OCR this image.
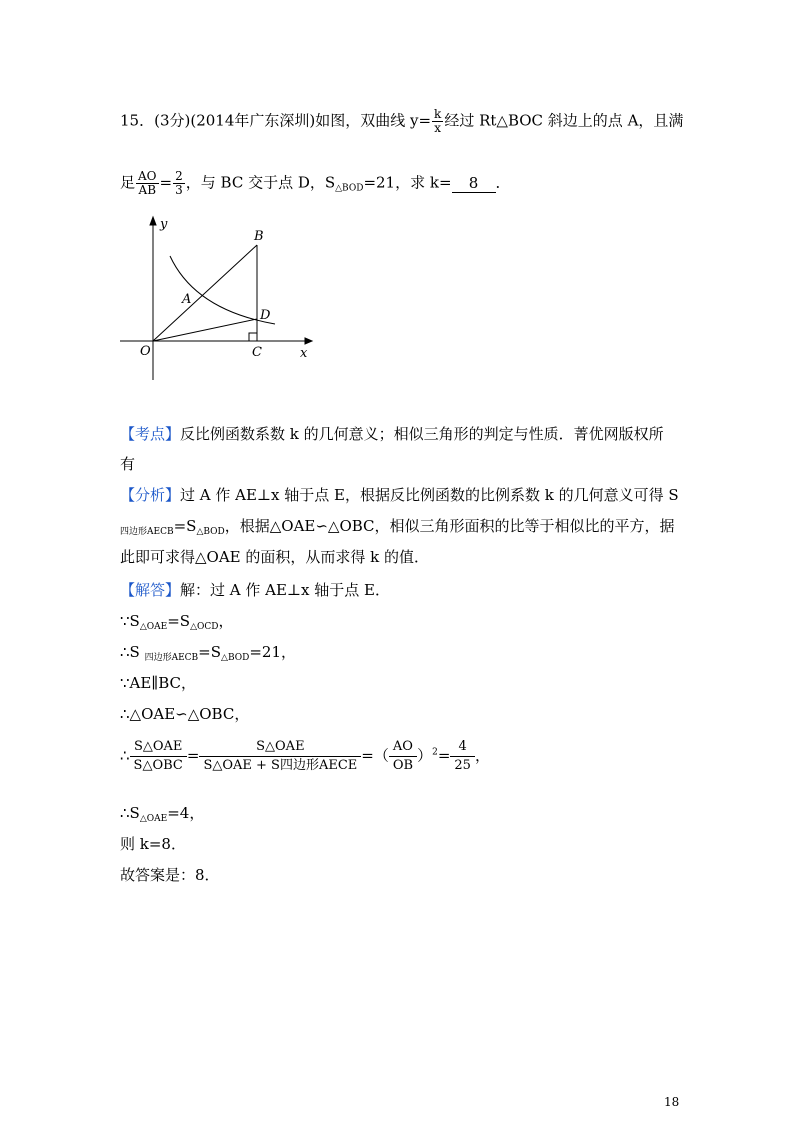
15．(3分)(2014年广东深圳)如图，双曲线 $y= \frac{k}{x}$ 经过 Rt△BOC 斜边上的点 A，且满
足 $\frac{AO}{AB} = \frac{2}{3}$ ，与 BC 交于点 D，$S_{\triangle BOD}=21$，求 k= 8 ．
y
x
O
A
B
C
D
【考点】反比例函数系数 k 的几何意义；相似三角形的判定与性质．菁优网版权所
有
【分析】过 A 作 AE⊥x 轴于点 E，根据反比例函数的比例系数 k 的几何意义可得 S
$_{四边形AECB}=S_{\triangle BOD}$，根据△OAE∽△OBC，相似三角形面积的比等于相似比的平方，据
此即可求得△OAE 的面积，从而求得 k 的值．
【解答】解：过 A 作 AE⊥x 轴于点 E．
$\because S_{\triangle OAE}=S_{\triangle OCD}$，
∴S $_{四边形AECB}=S_{\triangle BOD}=21$，
∵AE∥BC，
∴△OAE∽△OBC，
∴ $\frac{\text{S△OAE}}{\text{S△OBC}} = \frac{\text{S△OAE}}{\text{S△OAE + S四边形AECE}}$ =（ $\frac{AO}{OB} )^2= \frac{4}{25}$ ，
$\therefore S_{\triangle OAE}=4$，
则 k=8．
故答案是：8．
18
